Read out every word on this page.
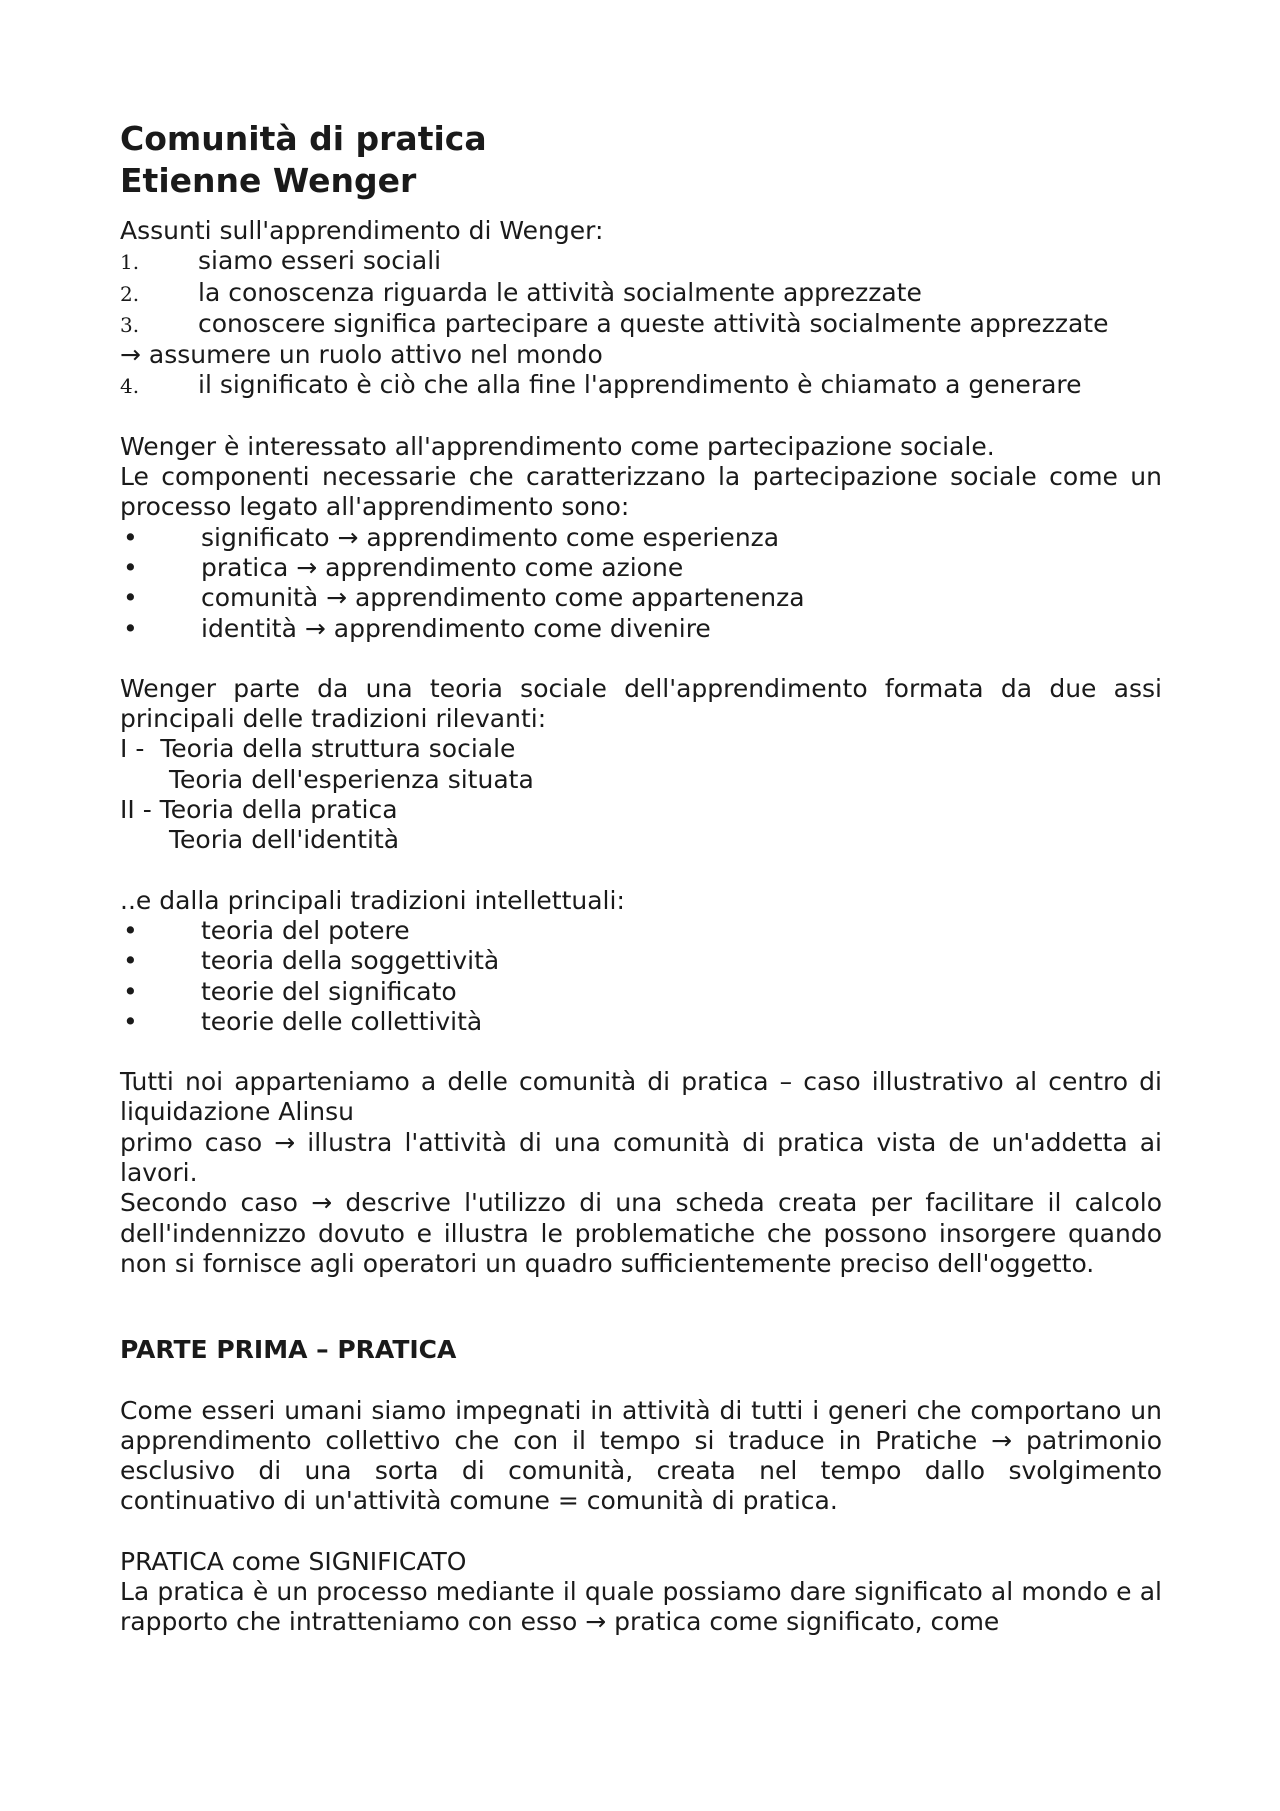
Comunità di pratica
Etienne Wenger

Assunti sull'apprendimento di Wenger:

1.	siamo esseri sociali
2.	la conoscenza riguarda le attività socialmente apprezzate
3.	conoscere significa partecipare a queste attività socialmente apprezzate

→ assumere un ruolo attivo nel mondo

4.	il significato è ciò che alla fine l'apprendimento è chiamato a generare

Wenger è interessato all'apprendimento come partecipazione sociale.

Le componenti necessarie che caratterizzano la partecipazione sociale come un processo legato all'apprendimento sono:

•	significato → apprendimento come esperienza
•	pratica → apprendimento come azione
•	comunità → apprendimento come appartenenza
•	identità → apprendimento come divenire

Wenger parte da una teoria sociale dell'apprendimento formata da due assi principali delle tradizioni rilevanti:

I -  Teoria della struttura sociale

Teoria dell'esperienza situata

II - Teoria della pratica

Teoria dell'identità

..e dalla principali tradizioni intellettuali:

•	teoria del potere
•	teoria della soggettività
•	teorie del significato
•	teorie delle collettività

Tutti noi apparteniamo a delle comunità di pratica – caso illustrativo al centro di liquidazione Alinsu

primo caso → illustra l'attività di una comunità di pratica vista de un'addetta ai lavori.

Secondo caso → descrive l'utilizzo di una scheda creata per facilitare il calcolo dell'indennizzo dovuto e illustra le problematiche che possono insorgere quando non si fornisce agli operatori un quadro sufficientemente preciso dell'oggetto.

PARTE PRIMA – PRATICA

Come esseri umani siamo impegnati in attività di tutti i generi che comportano un apprendimento collettivo che con il tempo si traduce in Pratiche → patrimonio esclusivo di una sorta di comunità, creata nel tempo dallo svolgimento continuativo di un'attività comune = comunità di pratica.

PRATICA come SIGNIFICATO

La pratica è un processo mediante il quale possiamo dare significato al mondo e al rapporto che intratteniamo con esso → pratica come significato, come
